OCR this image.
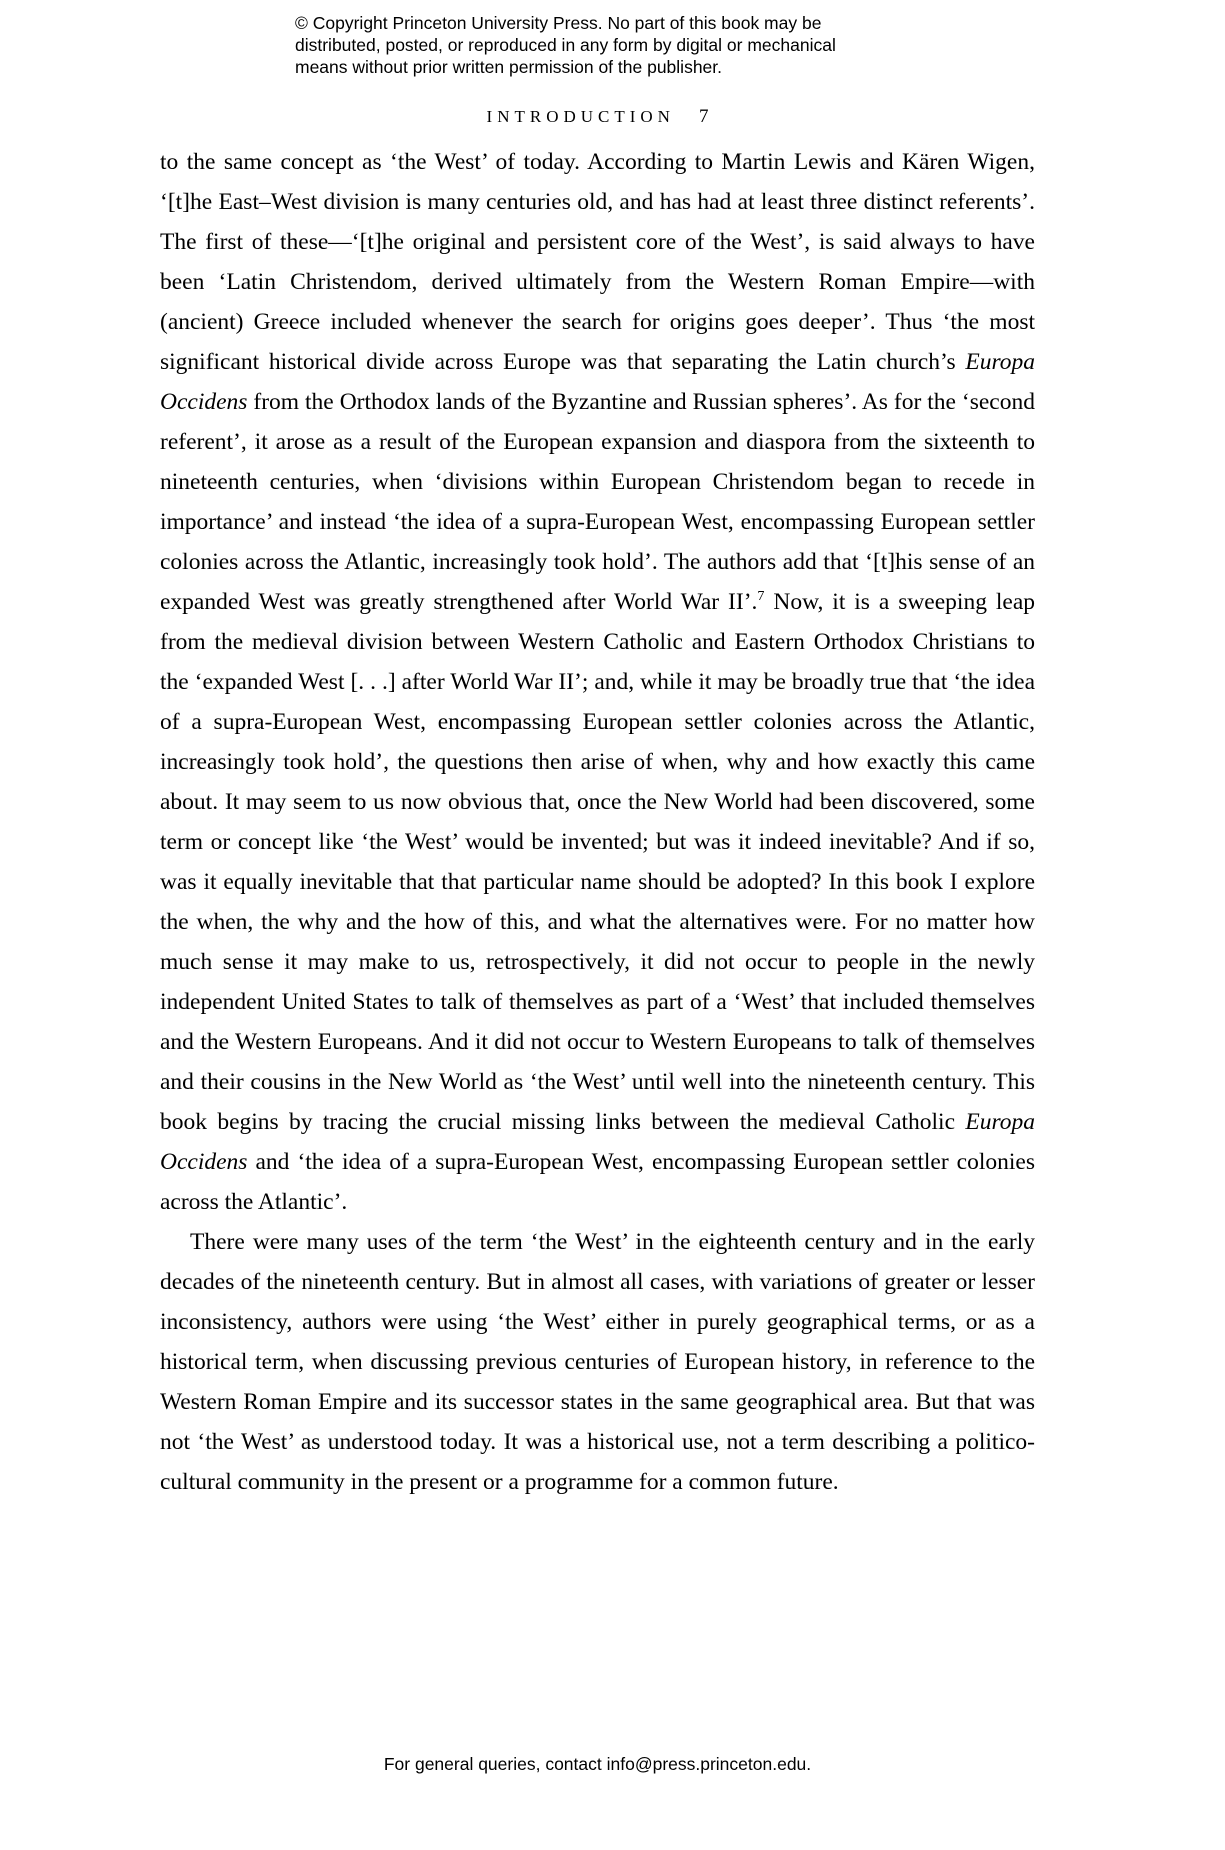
© Copyright Princeton University Press. No part of this book may be
distributed, posted, or reproduced in any form by digital or mechanical
means without prior written permission of the publisher.
INTRODUCTION 7

to the same concept as ‘the West’ of today. According to Martin Lewis and Kären Wigen, ‘[t]he East–West division is many centuries old, and has had at least three distinct referents’. The first of these—‘[t]he original and persistent core of the West’, is said always to have been ‘Latin Christendom, derived ultimately from the Western Roman Empire—with (ancient) Greece included whenever the search for origins goes deeper’. Thus ‘the most significant historical divide across Europe was that separating the Latin church’s Europa Occidens from the Orthodox lands of the Byzantine and Russian spheres’. As for the ‘second referent’, it arose as a result of the European expansion and diaspora from the sixteenth to nineteenth centuries, when ‘divisions within European Christendom began to recede in importance’ and instead ‘the idea of a supra-European West, encompassing European settler colonies across the Atlantic, increasingly took hold’. The authors add that ‘[t]his sense of an expanded West was greatly strengthened after World War II’.$^7$ Now, it is a sweeping leap from the medieval division between Western Catholic and Eastern Orthodox Christians to the ‘expanded West [. . .] after World War II’; and, while it may be broadly true that ‘the idea of a supra-European West, encompassing European settler colonies across the Atlantic, increasingly took hold’, the questions then arise of when, why and how exactly this came about. It may seem to us now obvious that, once the New World had been discovered, some term or concept like ‘the West’ would be invented; but was it indeed inevitable? And if so, was it equally inevitable that that particular name should be adopted? In this book I explore the when, the why and the how of this, and what the alternatives were. For no matter how much sense it may make to us, retrospectively, it did not occur to people in the newly independent United States to talk of themselves as part of a ‘West’ that included themselves and the Western Europeans. And it did not occur to Western Europeans to talk of themselves and their cousins in the New World as ‘the West’ until well into the nineteenth century. This book begins by tracing the crucial missing links between the medieval Catholic Europa Occidens and ‘the idea of a supra-European West, encompassing European settler colonies across the Atlantic’.

There were many uses of the term ‘the West’ in the eighteenth century and in the early decades of the nineteenth century. But in almost all cases, with variations of greater or lesser inconsistency, authors were using ‘the West’ either in purely geographical terms, or as a historical term, when discussing previous centuries of European history, in reference to the Western Roman Empire and its successor states in the same geographical area. But that was not ‘the West’ as understood today. It was a historical use, not a term describing a politico-cultural community in the present or a programme for a common future.

For general queries, contact info@press.princeton.edu.
